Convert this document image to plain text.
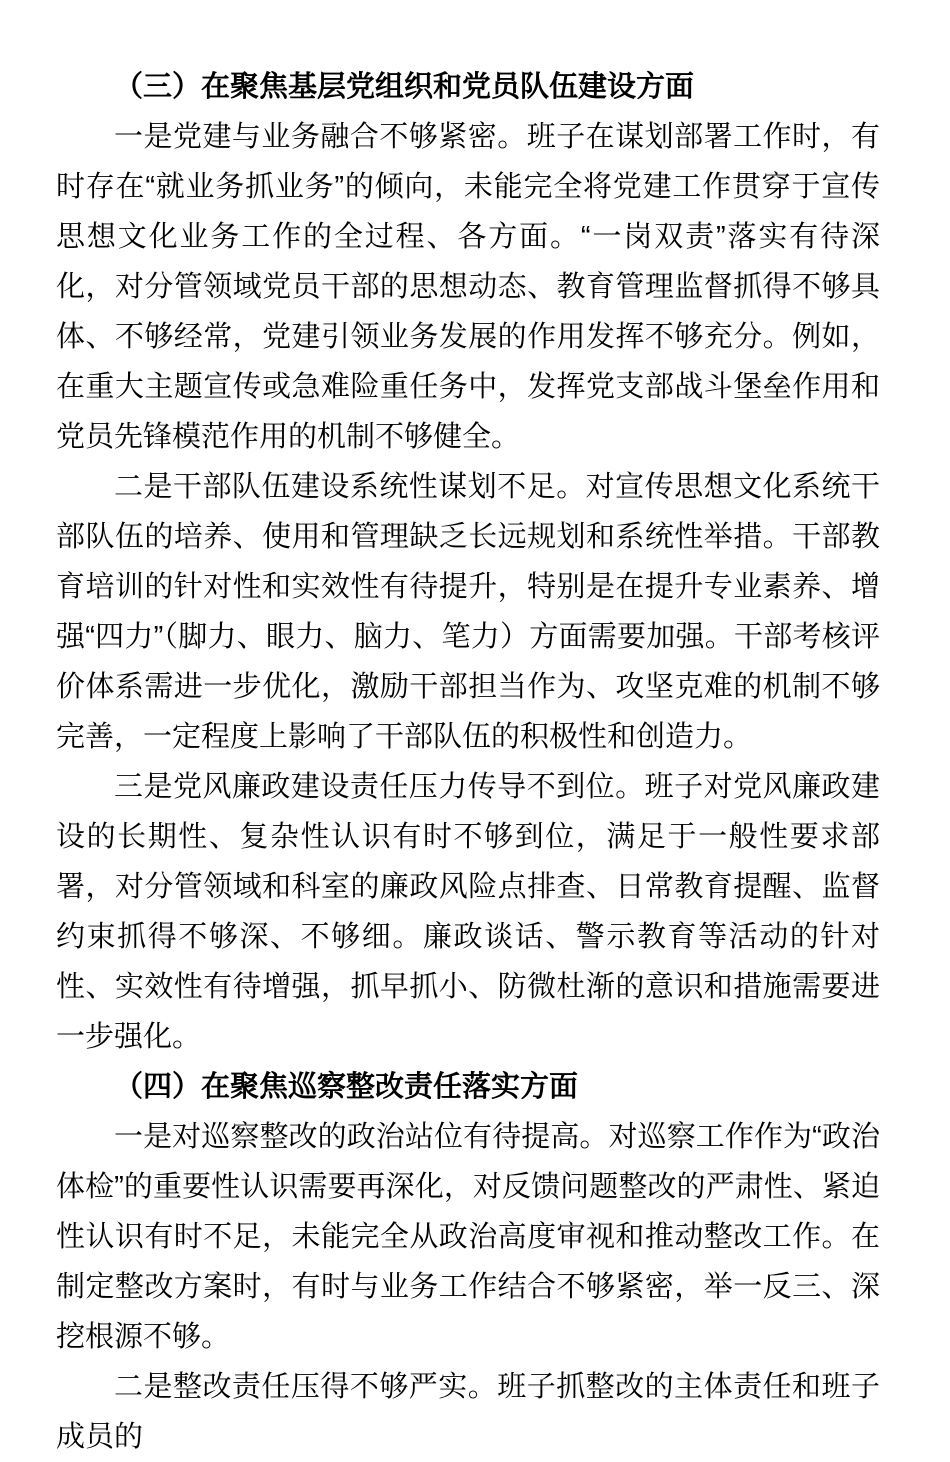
（三）在聚焦基层党组织和党员队伍建设方面
一是党建与业务融合不够紧密。班子在谋划部署工作时，有时存在“就业务抓业务”的倾向，未能完全将党建工作贯穿于宣传思想文化业务工作的全过程、各方面。“一岗双责”落实有待深化，对分管领域党员干部的思想动态、教育管理监督抓得不够具体、不够经常，党建引领业务发展的作用发挥不够充分。例如，在重大主题宣传或急难险重任务中，发挥党支部战斗堡垒作用和党员先锋模范作用的机制不够健全。
二是干部队伍建设系统性谋划不足。对宣传思想文化系统干部队伍的培养、使用和管理缺乏长远规划和系统性举措。干部教育培训的针对性和实效性有待提升，特别是在提升专业素养、增强“四力”（脚力、眼力、脑力、笔力）方面需要加强。干部考核评价体系需进一步优化，激励干部担当作为、攻坚克难的机制不够完善，一定程度上影响了干部队伍的积极性和创造力。
三是党风廉政建设责任压力传导不到位。班子对党风廉政建设的长期性、复杂性认识有时不够到位，满足于一般性要求部署，对分管领域和科室的廉政风险点排查、日常教育提醒、监督约束抓得不够深、不够细。廉政谈话、警示教育等活动的针对性、实效性有待增强，抓早抓小、防微杜渐的意识和措施需要进一步强化。
（四）在聚焦巡察整改责任落实方面
一是对巡察整改的政治站位有待提高。对巡察工作作为“政治体检”的重要性认识需要再深化，对反馈问题整改的严肃性、紧迫性认识有时不足，未能完全从政治高度审视和推动整改工作。在制定整改方案时，有时与业务工作结合不够紧密，举一反三、深挖根源不够。
二是整改责任压得不够严实。班子抓整改的主体责任和班子成员的
